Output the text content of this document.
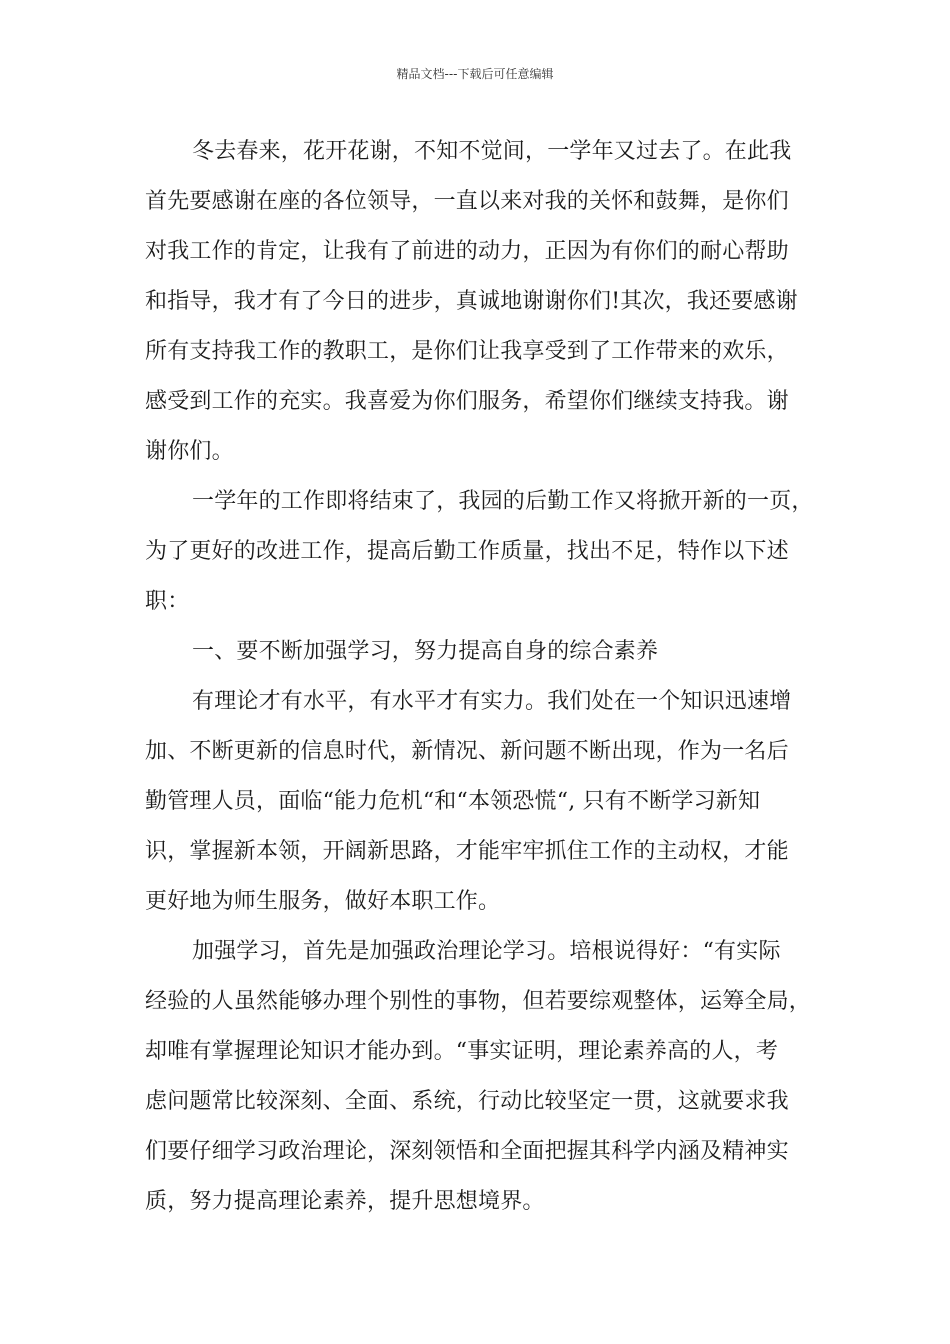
精品文档---下载后可任意编辑
冬去春来，花开花谢，不知不觉间，一学年又过去了。在此我
首先要感谢在座的各位领导，一直以来对我的关怀和鼓舞，是你们
对我工作的肯定，让我有了前进的动力，正因为有你们的耐心帮助
和指导，我才有了今日的进步，真诚地谢谢你们!其次，我还要感谢
所有支持我工作的教职工，是你们让我享受到了工作带来的欢乐，
感受到工作的充实。我喜爱为你们服务，希望你们继续支持我。谢
谢你们。
一学年的工作即将结束了，我园的后勤工作又将掀开新的一页，
为了更好的改进工作，提高后勤工作质量，找出不足，特作以下述
职：
一、要不断加强学习，努力提高自身的综合素养
有理论才有水平，有水平才有实力。我们处在一个知识迅速增
加、不断更新的信息时代，新情况、新问题不断出现，作为一名后
勤管理人员，面临“能力危机“和“本领恐慌“, 只有不断学习新知
识，掌握新本领，开阔新思路，才能牢牢抓住工作的主动权，才能
更好地为师生服务，做好本职工作。
加强学习，首先是加强政治理论学习。培根说得好：“有实际
经验的人虽然能够办理个别性的事物，但若要综观整体，运筹全局，
却唯有掌握理论知识才能办到。“事实证明，理论素养高的人，考
虑问题常比较深刻、全面、系统，行动比较坚定一贯，这就要求我
们要仔细学习政治理论，深刻领悟和全面把握其科学内涵及精神实
质，努力提高理论素养，提升思想境界。
